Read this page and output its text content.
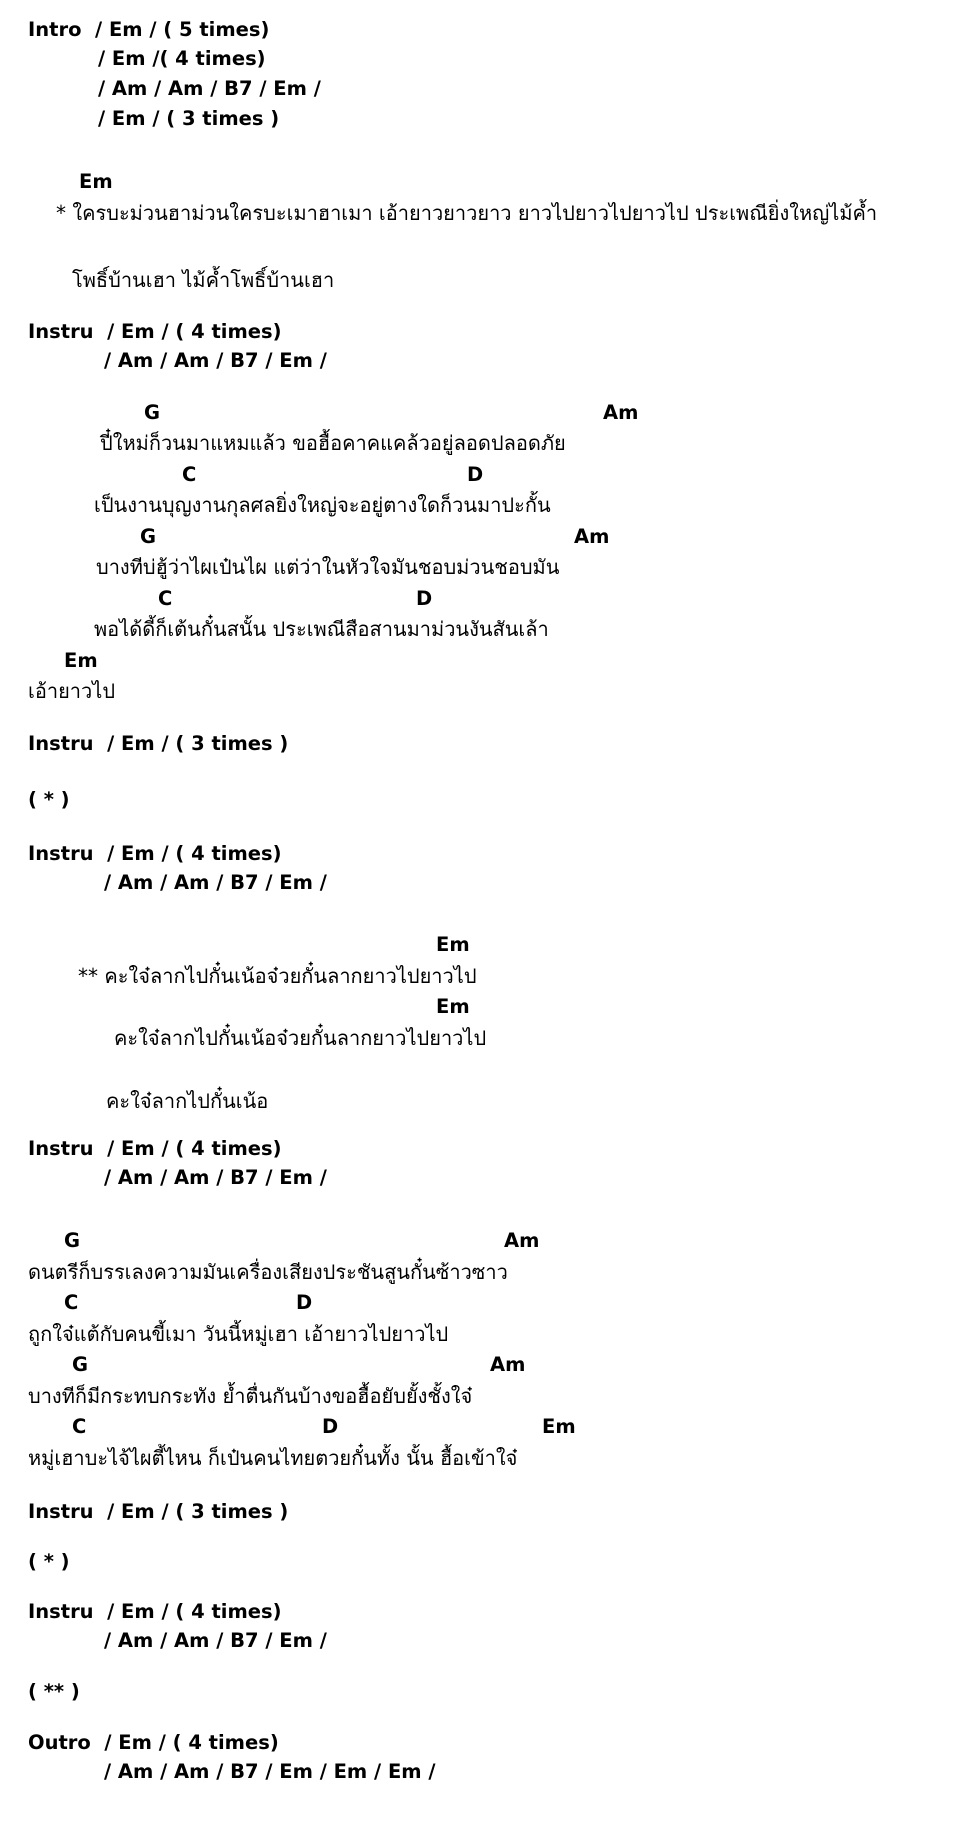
Intro  / Em / ( 5 times)
/ Em /( 4 times)
/ Am / Am / B7 / Em /
/ Em / ( 3 times )
Em
* ใครบะม่วนฮาม่วนใครบะเมาฮาเมา เอ้ายาวยาวยาว ยาวไปยาวไปยาวไป ประเพณียิ่งใหญ่ไม้ค้ำ
โพธิ์บ้านเฮา ไม้ค้ำโพธิ์บ้านเฮา
Instru  / Em / ( 4 times)
/ Am / Am / B7 / Em /
G	Am
ปี๋ใหม่ก็วนมาแหมแล้ว ขอฮื้อคาคแคล้วอยู่ลอดปลอดภัย
C	D
เป็นงานบุญงานกุลศลยิ่งใหญ่จะอยู่ตางใดก็วนมาปะกั้น
G	Am
บางทีบ่ฮู้ว่าไผเป๋นไผ แต่ว่าในหัวใจมันชอบม่วนชอบมัน
C	D
พอได้ดี้ก็เต้นกั๋นสนั้น ประเพณีสือสานมาม่วนงันสันเล้า
Em
เอ้ายาวไป
Instru  / Em / ( 3 times )
( * )
Instru  / Em / ( 4 times)
/ Am / Am / B7 / Em /
Em
** คะใจ๋ลากไปกั๋นเน้อจ๋วยกั๋นลากยาวไปยาวไป
Em
คะใจ๋ลากไปกั๋นเน้อจ๋วยกั๋นลากยาวไปยาวไป
คะใจ๋ลากไปกั๋นเน้อ
Instru  / Em / ( 4 times)
/ Am / Am / B7 / Em /
G	Am
ดนตรีก็บรรเลงความมันเครื่องเสียงประชันสูนกั๋นซ้าวซาว
C	D
ถูกใจ๋แต้กับคนขี้เมา วันนี้หมู่เฮา เอ้ายาวไปยาวไป
G	Am
บางทีก็มีกระทบกระทัง ย้ำตื่นกันบ้างขอฮื้อยับยั้งชั้งใจ๋
C	D	Em
หมู่เฮาบะไจ้ไผตี้ไหน ก็เป๋นคนไทยตวยกั๋นทั้ง นั้น ฮื้อเข้าใจ๋
Instru  / Em / ( 3 times )
( * )
Instru  / Em / ( 4 times)
/ Am / Am / B7 / Em /
( ** )
Outro  / Em / ( 4 times)
/ Am / Am / B7 / Em / Em / Em /
